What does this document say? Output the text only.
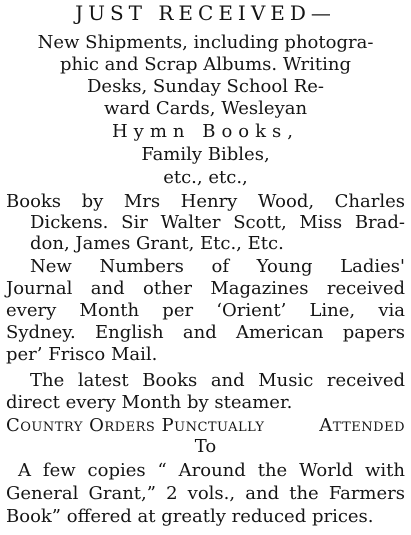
JUST RECEIVED—
New Shipments, including photogra-
phic and Scrap Albums. Writing
Desks, Sunday School Re-
ward Cards, Wesleyan
Hymn Books,
Family Bibles,
etc., etc.,
Books by Mrs Henry Wood, Charles
Dickens. Sir Walter Scott, Miss Brad-
don, James Grant, Etc., Etc.
New Numbers of Young Ladies'
Journal and other Magazines received
every Month per ‘Orient’ Line, via
Sydney. English and American papers
per’ Frisco Mail.
The latest Books and Music received
direct every Month by steamer.
Country Orders Punctually	Attended
To
A few copies “ Around the World with
General Grant,” 2 vols., and the Farmers
Book” offered at greatly reduced prices.
